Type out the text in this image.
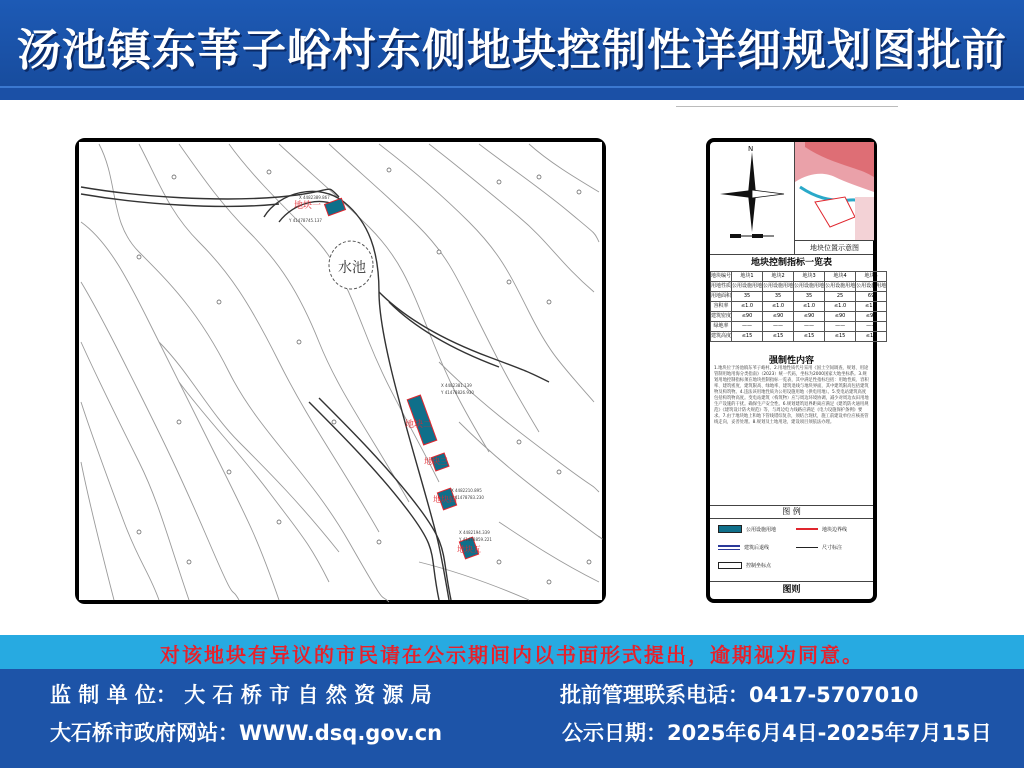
汤池镇东苇子峪村东侧地块控制性详细规划图批前
水池
地块一
地块二
地块三
地块四
地块五
X 4482389.867
Y 41478745.137
X 4482381.139
Y 41478826.930
X 4482210.895
Y 41478783.230
X 4482194.339
Y 41478859.221
N
地块位置示意图
地块控制指标一览表
地块编号	地块1	地块2	地块3	地块4	地块5
用地性质	公用设施用地	公用设施用地	公用设施用地	公用设施用地	公用设施用地
用地面积	35	35	35	25	69
容积率	≤1.0	≤1.0	≤1.0	≤1.0	≤1.0
建筑密度	≤90	≤90	≤90	≤90	≤90
绿地率	——	——	——	——	——
建筑高度	≤15	≤15	≤15	≤15	≤15
强制性内容
1.地块位于汤池镇东苇子峪村。2.用地性质代号采用《国土空间调查、规划、用途管制用地用海分类指南》（2023）统一代码，坐标为2000国家大地坐标系。3.规划用地控制指标须在地块控制指标一览表，其中满足性指标包括：用地性质、容积率、建筑密度、建筑限高、绿地率、建筑退线与地块界面，其中建筑限高包括建筑物及构筑物。4.违法该用地性质为公用设施用地（供电用地）。5.变电站建筑高度包括构筑物高度。变电站建筑（构筑物）应与周边环境协调，减少对周边农田用地生产设施的干扰。确保生产安全性。6.规划建筑退界距离应满足《建筑防火通用规范》《建筑设计防火规范》等，与周边电力线路应满足《电力设施保护条例》要求。7.由于地块地上和地下管线错综复杂，须结合现状，施工前建设单位应核查管线走向，妥善处理。8.规划及土地用途，建设项目须依法办理。
图 例
公用设施用地	地块边界线
建筑后退线	尺寸标注
控制坐标点
图则
对该地块有异议的市民请在公示期间内以书面形式提出，逾期视为同意。
监 制 单 位： 大 石 桥 市 自 然 资 源 局	批前管理联系电话：0417-5707010
大石桥市政府网站：WWW.dsq.gov.cn	公示日期：2025年6月4日-2025年7月15日
